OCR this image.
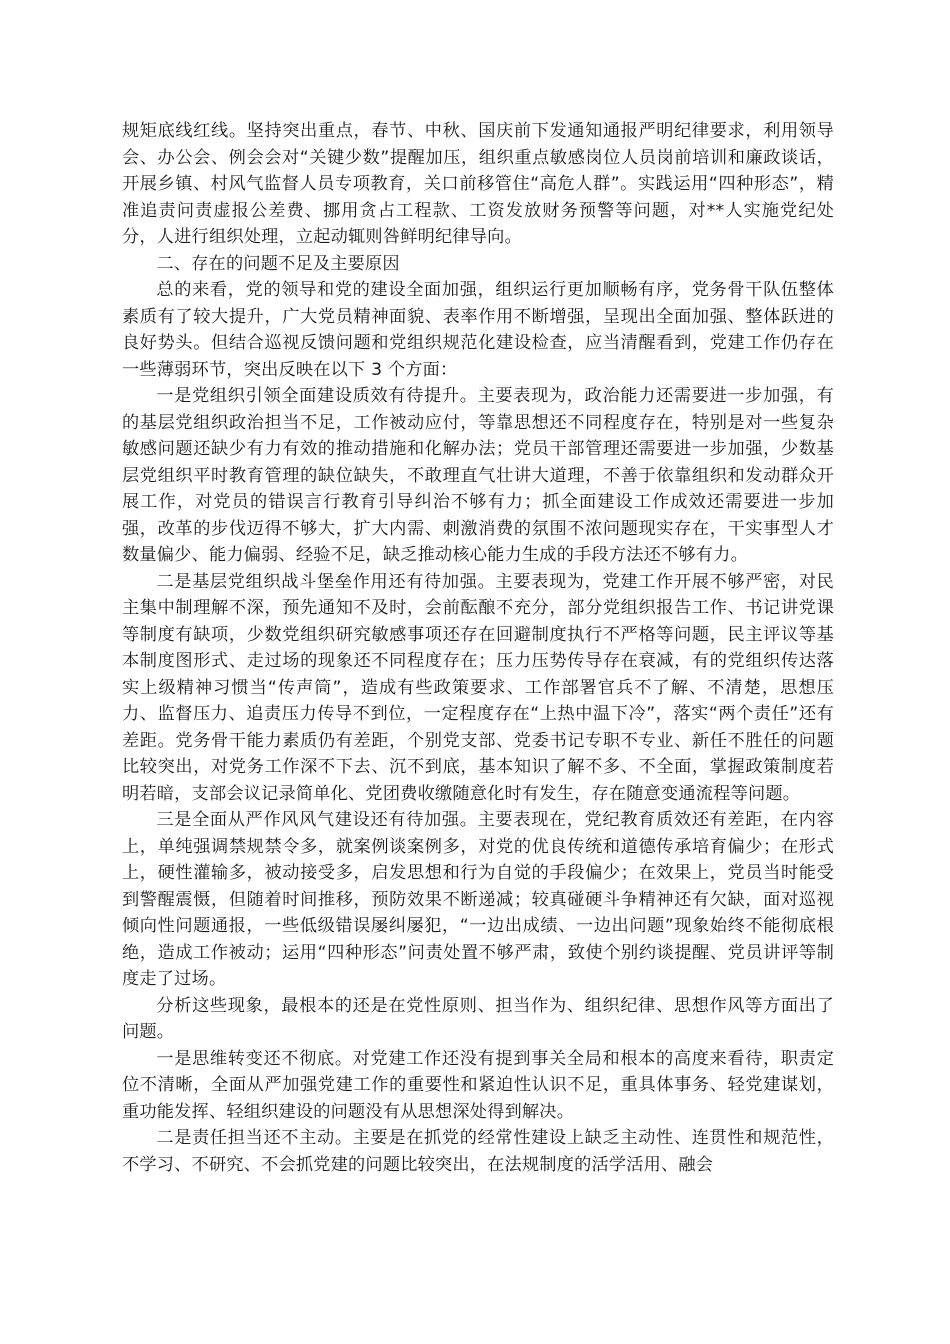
规矩底线红线。坚持突出重点，春节、中秋、国庆前下发通知通报严明纪律要求，利用领导会、办公会、例会会对“关键少数”提醒加压，组织重点敏感岗位人员岗前培训和廉政谈话，开展乡镇、村风气监督人员专项教育，关口前移管住“高危人群”。实践运用“四种形态”，精准追责问责虚报公差费、挪用贪占工程款、工资发放财务预警等问题，对**人实施党纪处分，人进行组织处理，立起动辄则咎鲜明纪律导向。

二、存在的问题不足及主要原因

总的来看，党的领导和党的建设全面加强，组织运行更加顺畅有序，党务骨干队伍整体素质有了较大提升，广大党员精神面貌、表率作用不断增强，呈现出全面加强、整体跃进的良好势头。但结合巡视反馈问题和党组织规范化建设检查，应当清醒看到，党建工作仍存在一些薄弱环节，突出反映在以下 3 个方面：

一是党组织引领全面建设质效有待提升。主要表现为，政治能力还需要进一步加强，有的基层党组织政治担当不足，工作被动应付，等靠思想还不同程度存在，特别是对一些复杂敏感问题还缺少有力有效的推动措施和化解办法；党员干部管理还需要进一步加强，少数基层党组织平时教育管理的缺位缺失，不敢理直气壮讲大道理，不善于依靠组织和发动群众开展工作，对党员的错误言行教育引导纠治不够有力；抓全面建设工作成效还需要进一步加强，改革的步伐迈得不够大，扩大内需、刺激消费的氛围不浓问题现实存在，干实事型人才数量偏少、能力偏弱、经验不足，缺乏推动核心能力生成的手段方法还不够有力。

二是基层党组织战斗堡垒作用还有待加强。主要表现为，党建工作开展不够严密，对民主集中制理解不深，预先通知不及时，会前酝酿不充分，部分党组织报告工作、书记讲党课等制度有缺项，少数党组织研究敏感事项还存在回避制度执行不严格等问题，民主评议等基本制度图形式、走过场的现象还不同程度存在；压力压势传导存在衰减，有的党组织传达落实上级精神习惯当“传声筒”，造成有些政策要求、工作部署官兵不了解、不清楚，思想压力、监督压力、追责压力传导不到位，一定程度存在“上热中温下冷”，落实“两个责任”还有差距。党务骨干能力素质仍有差距，个别党支部、党委书记专职不专业、新任不胜任的问题比较突出，对党务工作深不下去、沉不到底，基本知识了解不多、不全面，掌握政策制度若明若暗，支部会议记录简单化、党团费收缴随意化时有发生，存在随意变通流程等问题。

三是全面从严作风风气建设还有待加强。主要表现在，党纪教育质效还有差距，在内容上，单纯强调禁规禁令多，就案例谈案例多，对党的优良传统和道德传承培育偏少；在形式上，硬性灌输多，被动接受多，启发思想和行为自觉的手段偏少；在效果上，党员当时能受到警醒震慑，但随着时间推移，预防效果不断递减；较真碰硬斗争精神还有欠缺，面对巡视倾向性问题通报，一些低级错误屡纠屡犯，“一边出成绩、一边出问题”现象始终不能彻底根绝，造成工作被动；运用“四种形态”问责处置不够严肃，致使个别约谈提醒、党员讲评等制度走了过场。

分析这些现象，最根本的还是在党性原则、担当作为、组织纪律、思想作风等方面出了问题。

一是思维转变还不彻底。对党建工作还没有提到事关全局和根本的高度来看待，职责定位不清晰，全面从严加强党建工作的重要性和紧迫性认识不足，重具体事务、轻党建谋划，重功能发挥、轻组织建设的问题没有从思想深处得到解决。

二是责任担当还不主动。主要是在抓党的经常性建设上缺乏主动性、连贯性和规范性，不学习、不研究、不会抓党建的问题比较突出，在法规制度的活学活用、融会
